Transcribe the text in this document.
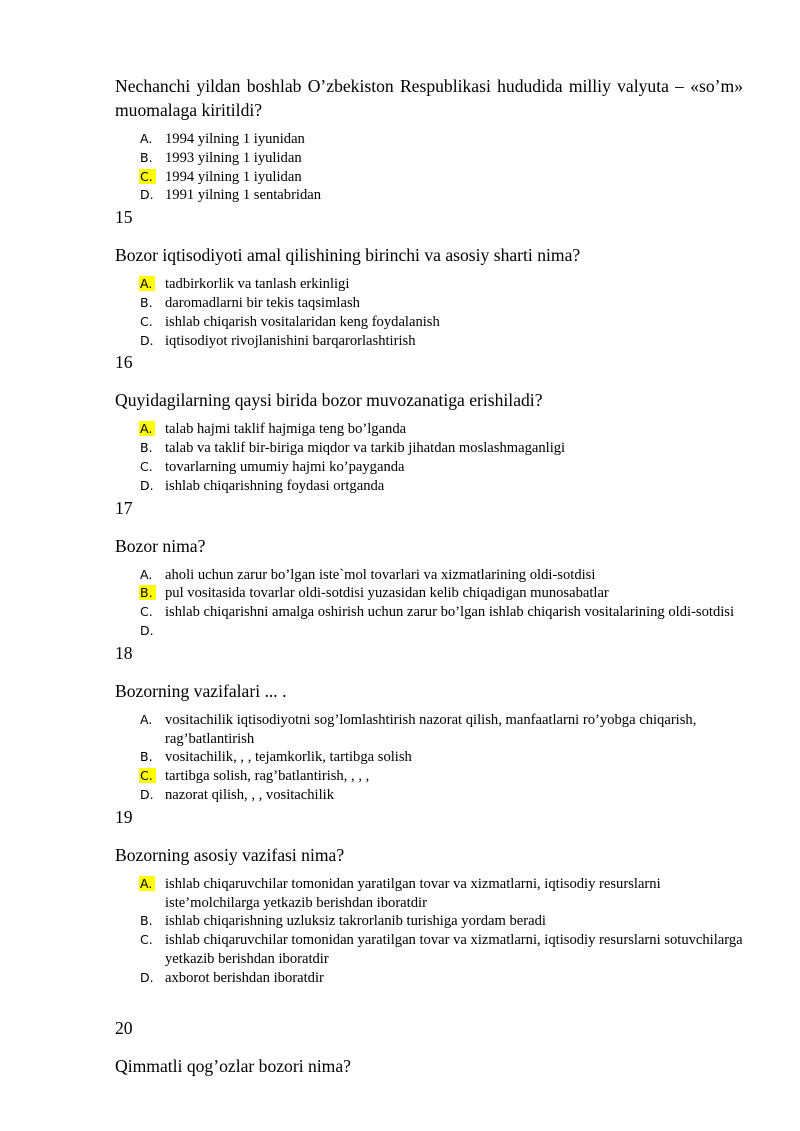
Nechanchi yildan boshlab O’zbekiston Respublikasi hududida milliy valyuta – «so’m» muomalaga kiritildi?

A. 1994 yilning 1 iyunidan
B. 1993 yilning 1 iyulidan
C. 1994 yilning 1 iyulidan
D. 1991 yilning 1 sentabridan

15

Bozor iqtisodiyoti amal qilishining birinchi va asosiy sharti nima?

A. tadbirkorlik va tanlash erkinligi
B. daromadlarni bir tekis taqsimlash
C. ishlab chiqarish vositalaridan keng foydalanish
D. iqtisodiyot rivojlanishini barqarorlashtirish

16

Quyidagilarning qaysi birida bozor muvozanatiga erishiladi?

A. talab hajmi taklif hajmiga teng bo’lganda
B. talab va taklif bir-biriga miqdor va tarkib jihatdan moslashmaganligi
C. tovarlarning umumiy hajmi ko’payganda
D. ishlab chiqarishning foydasi ortganda

17

Bozor nima?

A. aholi uchun zarur bo’lgan iste`mol tovarlari va xizmatlarining oldi-sotdisi
B. pul vositasida tovarlar oldi-sotdisi yuzasidan kelib chiqadigan munosabatlar
C. ishlab chiqarishni amalga oshirish uchun zarur bo’lgan ishlab chiqarish vositalarining oldi-sotdisi
D.

18

Bozorning vazifalari ... .

A. vositachilik iqtisodiyotni sog’lomlashtirish nazorat qilish, manfaatlarni ro’yobga chiqarish, rag’batlantirish
B. vositachilik, , , tejamkorlik, tartibga solish
C. tartibga solish, rag’batlantirish, , , ,
D. nazorat qilish, , , vositachilik

19

Bozorning asosiy vazifasi nima?

A. ishlab chiqaruvchilar tomonidan yaratilgan tovar va xizmatlarni, iqtisodiy resurslarni iste’molchilarga yetkazib berishdan iboratdir
B. ishlab chiqarishning uzluksiz takrorlanib turishiga yordam beradi
C. ishlab chiqaruvchilar tomonidan yaratilgan tovar va xizmatlarni, iqtisodiy resurslarni sotuvchilarga yetkazib berishdan iboratdir
D. axborot berishdan iboratdir

20

Qimmatli qog’ozlar bozori nima?
